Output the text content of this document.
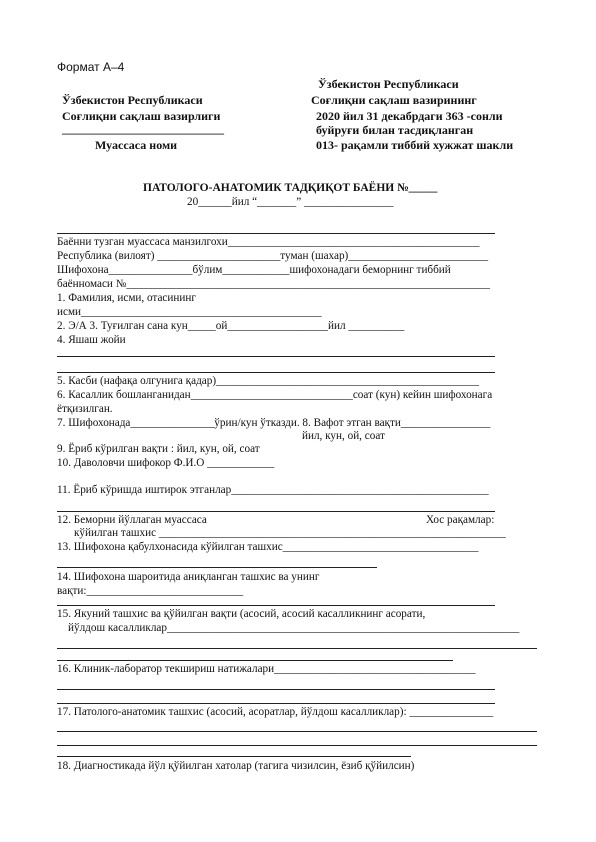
Формат А–4
Ўзбекистон Республикаси
Соғлиқни сақлаш вазирлиги
___________________________
Муассаса номи
Ўзбекистон Республикаси
Соғлиқни сақлаш вазирининг
2020 йил 31 декабрдаги 363 -сонли
буйруғи билан тасдиқланган
013- рақамли тиббий хужжат шакли
ПАТОЛОГО-АНАТОМИК ТАДҚИҚОТ БАЁНИ №_____
20______йил “_______” ________________
Баённи тузган муассаса манзилгохи_____________________________________________
Республика (вилоят) ______________________туман (шахар)_________________________
Шифохона_______________бўлим____________шифохонадаги беморнинг тиббий
баённомаси №_________________________________________________________________
1. Фамилия, исми, отасининг
исми___________________________________________
2. Э/А 3. Туғилган сана кун_____ой__________________йил __________
4. Яшаш жойи
5. Касби (нафақа олгунига қадар)_______________________________________________
6. Касаллик бошланганидан_____________________________соат (кун) кейин шифохонага
ётқизилган.
7. Шифохонада_______________ўрин/кун ўтказди. 8. Вафот этган вақти________________
йил, кун, ой, соат
9. Ёриб кўрилган вақти : йил, кун, ой, соат
10. Даволовчи шифокор Ф.И.О ____________
11. Ёриб кўришда иштирок этганлар______________________________________________
12. Беморни йўллаган муассаса	Хос рақамлар:
кўйилган ташхис ______________________________________________________________
13. Шифохона қабулхонасида кўйилган ташхис___________________________________
14. Шифохона шароитида аниқланган ташхис ва унинг
вақти:____________________________
15. Якуний ташхис ва қўйилган вақти (асосий, асосий касалликнинг асорати,
йўлдош касалликлар_______________________________________________________________
16. Клиник-лаборатор текшириш натижалари____________________________________
17. Патолого-анатомик ташхис (асосий, асоратлар, йўлдош касалликлар): _______________
18. Диагностикада йўл қўйилган хатолар (тагига чизилсин, ёзиб қўйилсин)
